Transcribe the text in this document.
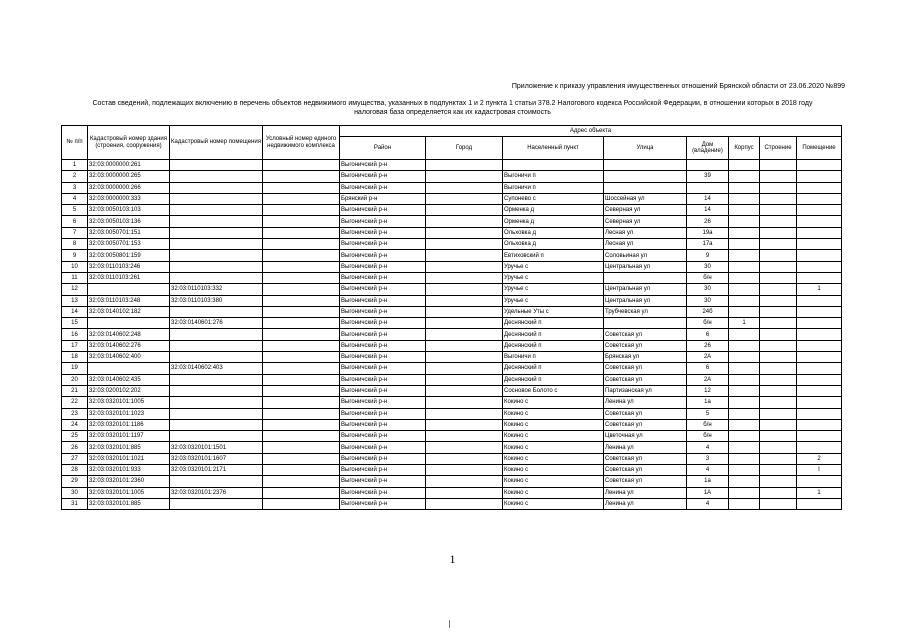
Приложение к приказу управления имущественных отношений Брянской области от 23.06.2020 №899
Состав сведений, подлежащих включению в перечень объектов недвижимого имущества, указанных в подпунктах 1 и 2 пункта 1 статьи 378.2 Налогового кодекса Российской Федерации, в отношении которых в 2018 году
налоговая база определяется как их кадастровая стоимость
№ п/п	Кадастровый номер здания (строения, сооружения)	Кадастровый номер помещения	Условный номер единого недвижимого комплекса	Адрес объекта							
				Район	Город	Населенный пункт	Улица	Дом (владение)	Корпус	Строение	Помещение
1	32:03:0000000:261			Выгоничский р-н							
2	32:03:0000000:265			Выгоничский р-н		Выгоничи п		39			
3	32:03:0000000:266			Выгоничский р-н		Выгоничи п					
4	32:03:0000000:333			Брянский р-н		Супонево с	Шоссейная ул	14			
5	32:03:0050103:103			Выгоничский р-н		Орменка д	Северная ул	14			
6	32:03:0050103:136			Выгоничский р-н		Орменка д	Северная ул	26			
7	32:03:0050701:151			Выгоничский р-н		Ольховка д	Лесная ул	19а			
8	32:03:0050701:153			Выгоничский р-н		Ольховка д	Лесная ул	17а			
9	32:03:0050801:159			Выгоничский р-н		Евтиховский п	Соловьиная ул	9			
10	32:03:0110103:246			Выгоничский р-н		Уручье с	Центральная ул	30			
11	32:03:0110103:261			Выгоничский р-н		Уручье с		б/н			
12		32:03:0110103:332		Выгоничский р-н		Уручье с	Центральная ул	30			1
13	32:03:0110103:248	32:03:0110103:380		Выгоничский р-н		Уручье с	Центральная ул	30			
14	32:03:0140102:182			Выгоничский р-н		Удельные Уты с	Трубчевская ул	24б			
15		32:03:0140601:276		Выгоничский р-н		Деснянский п		б/н	1		
16	32:03:0140602:248			Выгоничский р-н		Деснянский п	Советская ул	6			
17	32:03:0140602:276			Выгоничский р-н		Деснянский п	Советская ул	26			
18	32:03:0140602:400			Выгоничский р-н		Выгоничи п	Брянская ул	2А			
19		32:03:0140602:403		Выгоничский р-н		Деснянский п	Советская ул	6			
20	32:03:0140602:435			Выгоничский р-н		Деснянский п	Советская ул	2А			
21	32:03:0200102:202			Выгоничский р-н		Сосновое Болото с	Партизанская ул	12			
22	32:03:0320101:1005			Выгоничский р-н		Кокино с	Ленина ул	1а			
23	32:03:0320101:1023			Выгоничский р-н		Кокино с	Советская ул	5			
24	32:03:0320101:1186			Выгоничский р-н		Кокино с	Советская ул	б/н			
25	32:03:0320101:1197			Выгоничский р-н		Кокино с	Цветочная ул	б/н			
26	32:03:0320101:885	32:03:0320101:1501		Выгоничский р-н		Кокино с	Ленина ул	4			
27	32:03:0320101:1021	32:03:0320101:1607		Выгоничский р-н		Кокино с	Советская ул	3			2
28	32:03:0320101:933	32:03:0320101:2171		Выгоничский р-н		Кокино с	Советская ул	4			I
29	32:03:0320101:2360			Выгоничский р-н		Кокино с	Советская ул	1а			
30	32:03:0320101:1005	32:03:0320101:2376		Выгоничский р-н		Кокино с	Ленина ул	1А			1
31	32:03:0320101:885			Выгоничский р-н		Кокино с	Ленина ул	4			
1
